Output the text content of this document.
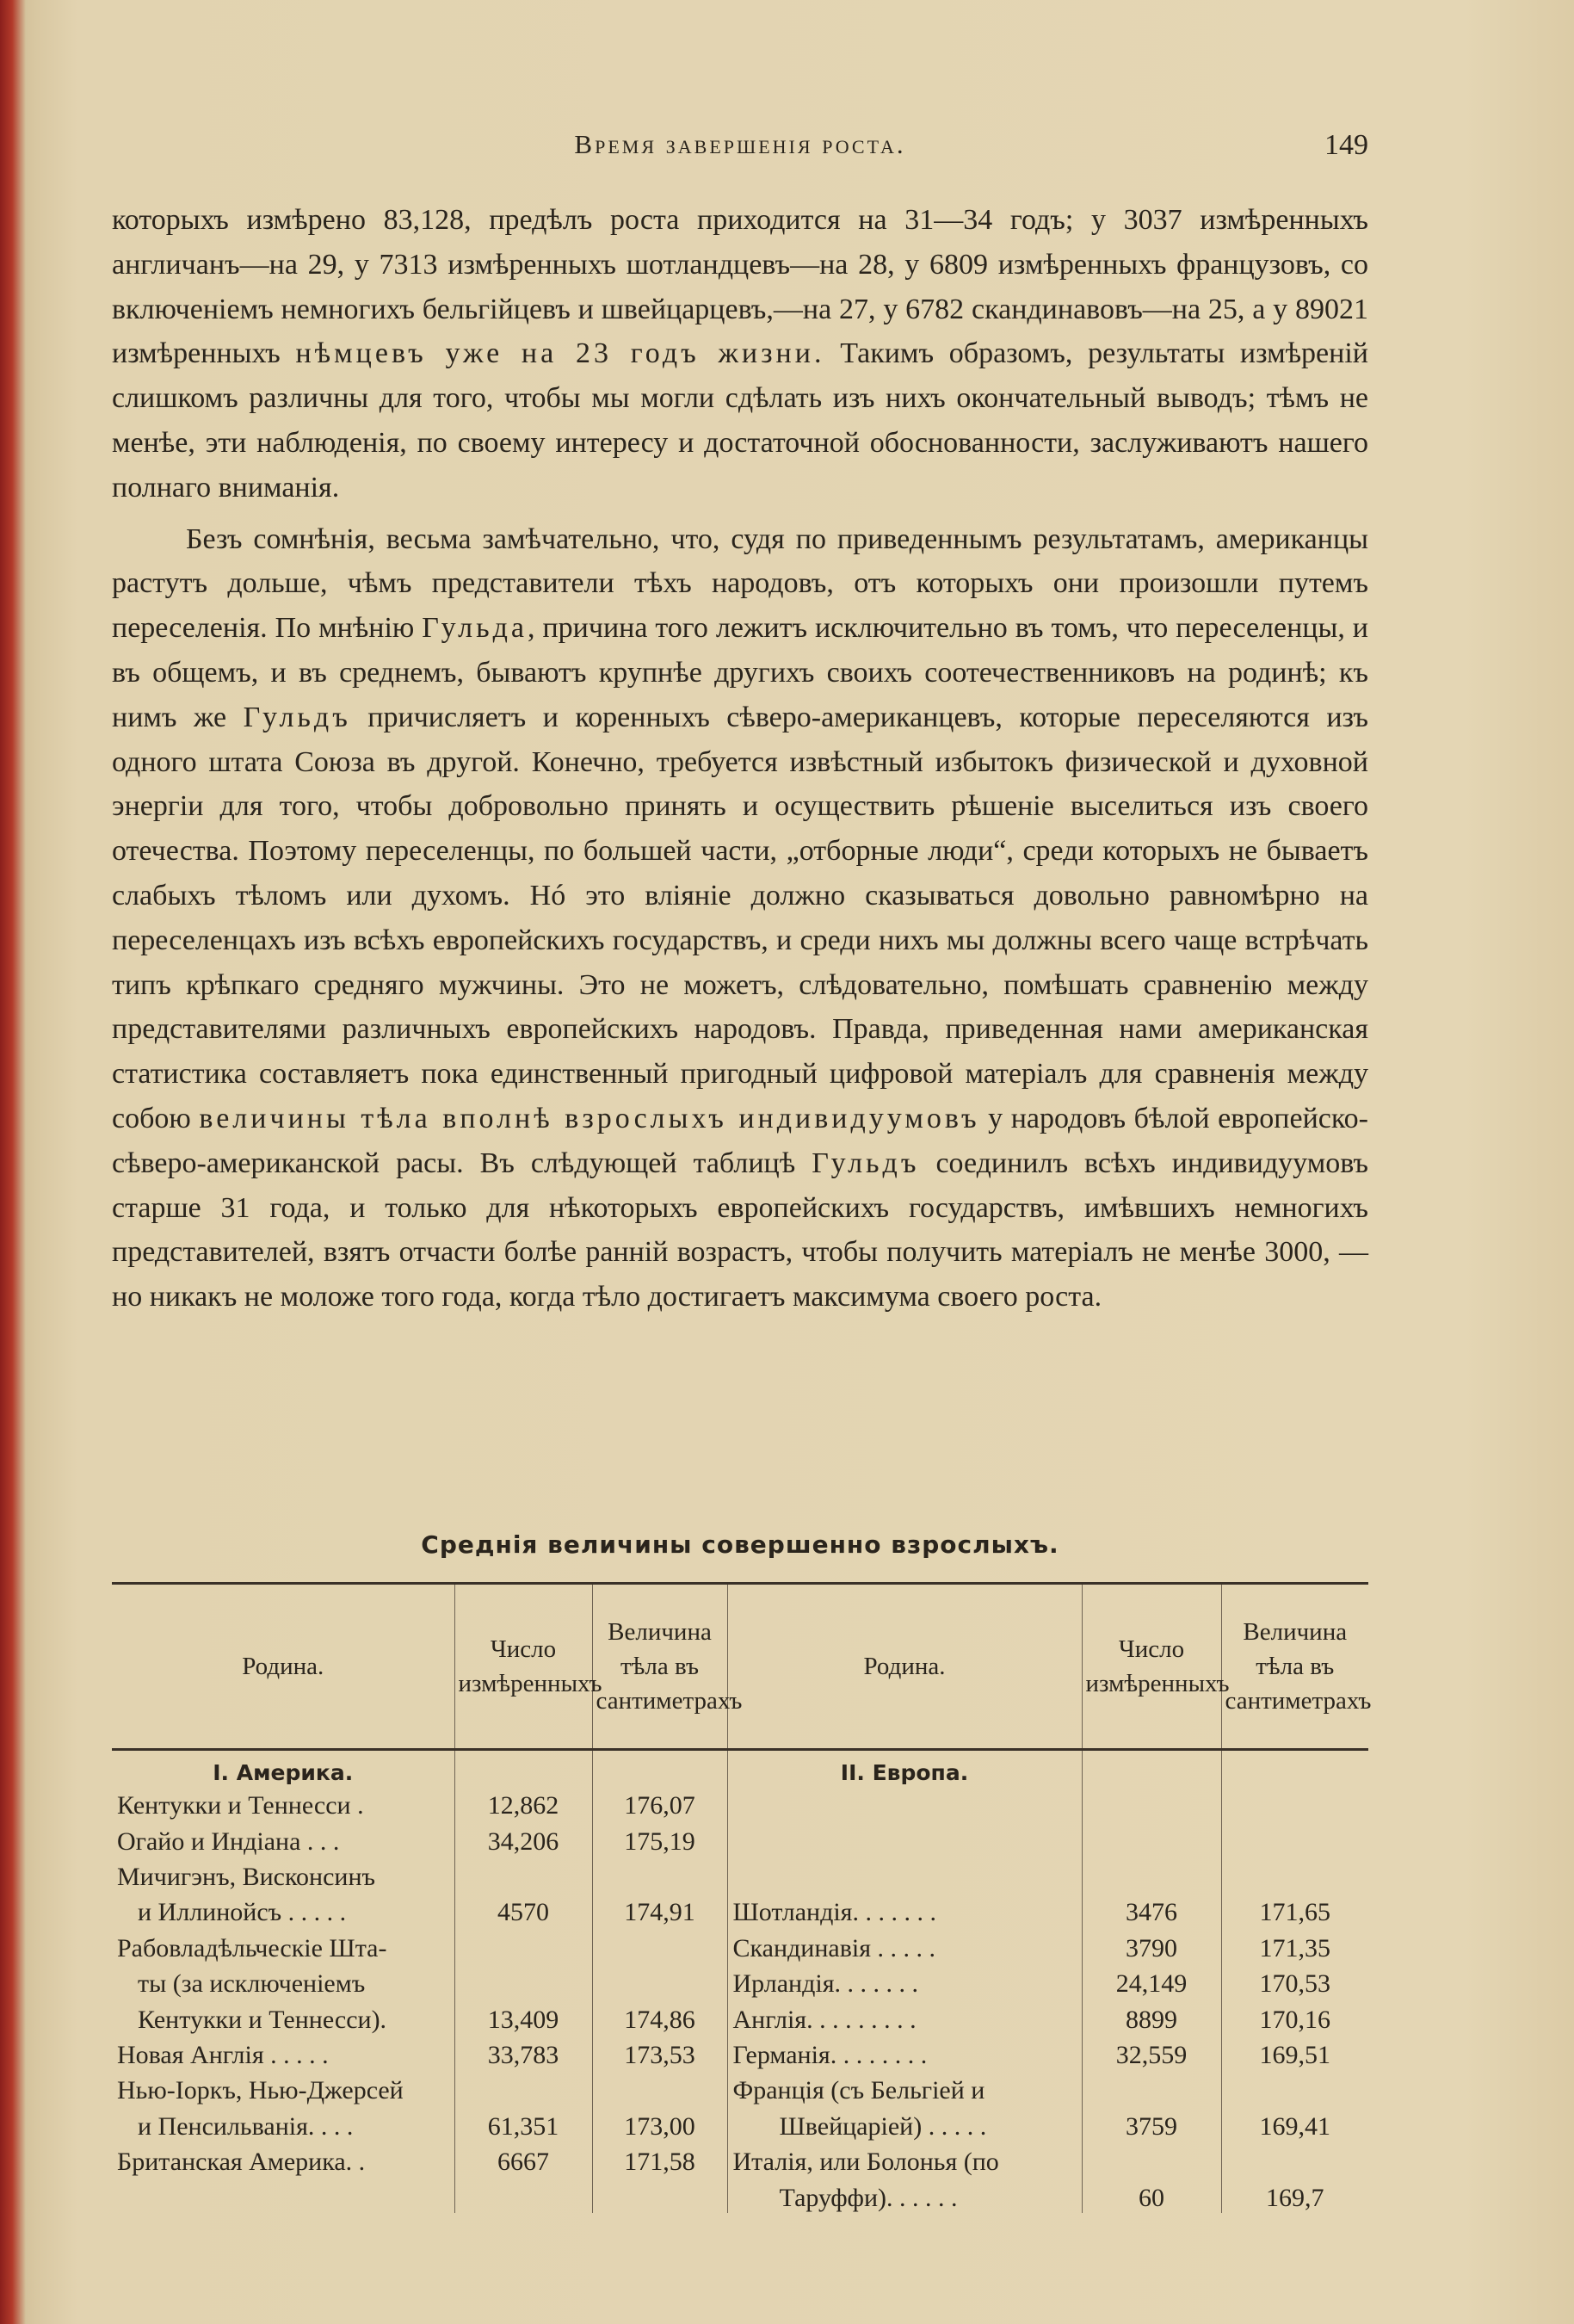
Время завершенія роста.	149

которыхъ измѣрено 83,128, предѣлъ роста приходится на 31—34 годъ; у 3037 измѣренныхъ англичанъ—на 29, у 7313 измѣренныхъ шотландцевъ—на 28, у 6809 измѣренныхъ французовъ, со включеніемъ немногихъ бельгійцевъ и швейцарцевъ,—на 27, у 6782 скандинавовъ—на 25, а у 89021 измѣренныхъ нѣмцевъ уже на 23 годъ жизни. Такимъ образомъ, результаты измѣреній слишкомъ различны для того, чтобы мы могли сдѣлать изъ нихъ окончательный выводъ; тѣмъ не менѣе, эти наблюденія, по своему интересу и достаточной обоснованности, заслуживаютъ нашего полнаго вниманія.

Безъ сомнѣнія, весьма замѣчательно, что, судя по приведеннымъ результатамъ, американцы растутъ дольше, чѣмъ представители тѣхъ народовъ, отъ которыхъ они произошли путемъ переселенія. По мнѣнію Гульда, причина того лежитъ исключительно въ томъ, что переселенцы, и въ общемъ, и въ среднемъ, бываютъ крупнѣе другихъ своихъ соотечественниковъ на родинѣ; къ нимъ же Гульдъ причисляетъ и коренныхъ сѣверо-американцевъ, которые переселяются изъ одного штата Союза въ другой. Конечно, требуется извѣстный избытокъ физической и духовной энергіи для того, чтобы добровольно принять и осуществить рѣшеніе выселиться изъ своего отечества. Поэтому переселенцы, по большей части, „отборные люди“, среди которыхъ не бываетъ слабыхъ тѣломъ или духомъ. Нó это вліяніе должно сказываться довольно равномѣрно на переселенцахъ изъ всѣхъ европейскихъ государствъ, и среди нихъ мы должны всего чаще встрѣчать типъ крѣпкаго средняго мужчины. Это не можетъ, слѣдовательно, помѣшать сравненію между представителями различныхъ европейскихъ народовъ. Правда, приведенная нами американская статистика составляетъ пока единственный пригодный цифровой матеріалъ для сравненія между собою величины тѣла вполнѣ взрослыхъ индивидуумовъ у народовъ бѣлой европейско-сѣверо-американской расы. Въ слѣдующей таблицѣ Гульдъ соединилъ всѣхъ индивидуумовъ старше 31 года, и только для нѣкоторыхъ европейскихъ государствъ, имѣвшихъ немногихъ представителей, взятъ отчасти болѣе ранній возрастъ, чтобы получить матеріалъ не менѣе 3000, — но никакъ не моложе того года, когда тѣло достигаетъ максимума своего роста.

Среднія величины совершенно взрослыхъ.
Родина.	Число измѣренныхъ	Величина тѣла въ сантиметрахъ	Родина.	Число измѣренныхъ	Величина тѣла въ сантиметрахъ
I. Америка.			II. Европа.		
Кентукки и Теннесси .	12,862	176,07			
Огайо и Индіана . . .	34,206	175,19			
Мичигэнъ, Висконсинъ					
и Иллинойсъ . . . . .	4570	174,91	Шотландія. . . . . . .	3476	171,65
Рабовладѣльческіе Шта-			Скандинавія . . . . .	3790	171,35
ты (за исключеніемъ			Ирландія. . . . . . .	24,149	170,53
Кентукки и Теннесси).	13,409	174,86	Англія. . . . . . . . .	8899	170,16
Новая Англія . . . . .	33,783	173,53	Германія. . . . . . . .	32,559	169,51
Нью-Іоркъ, Нью-Джерсей			Франція (съ Бельгіей и		
и Пенсильванія. . . .	61,351	173,00	Швейцаріей) . . . . .	3759	169,41
Британская Америка. .	6667	171,58	Италія, или Болонья (по		
			Таруффи). . . . . .	60	169,7
